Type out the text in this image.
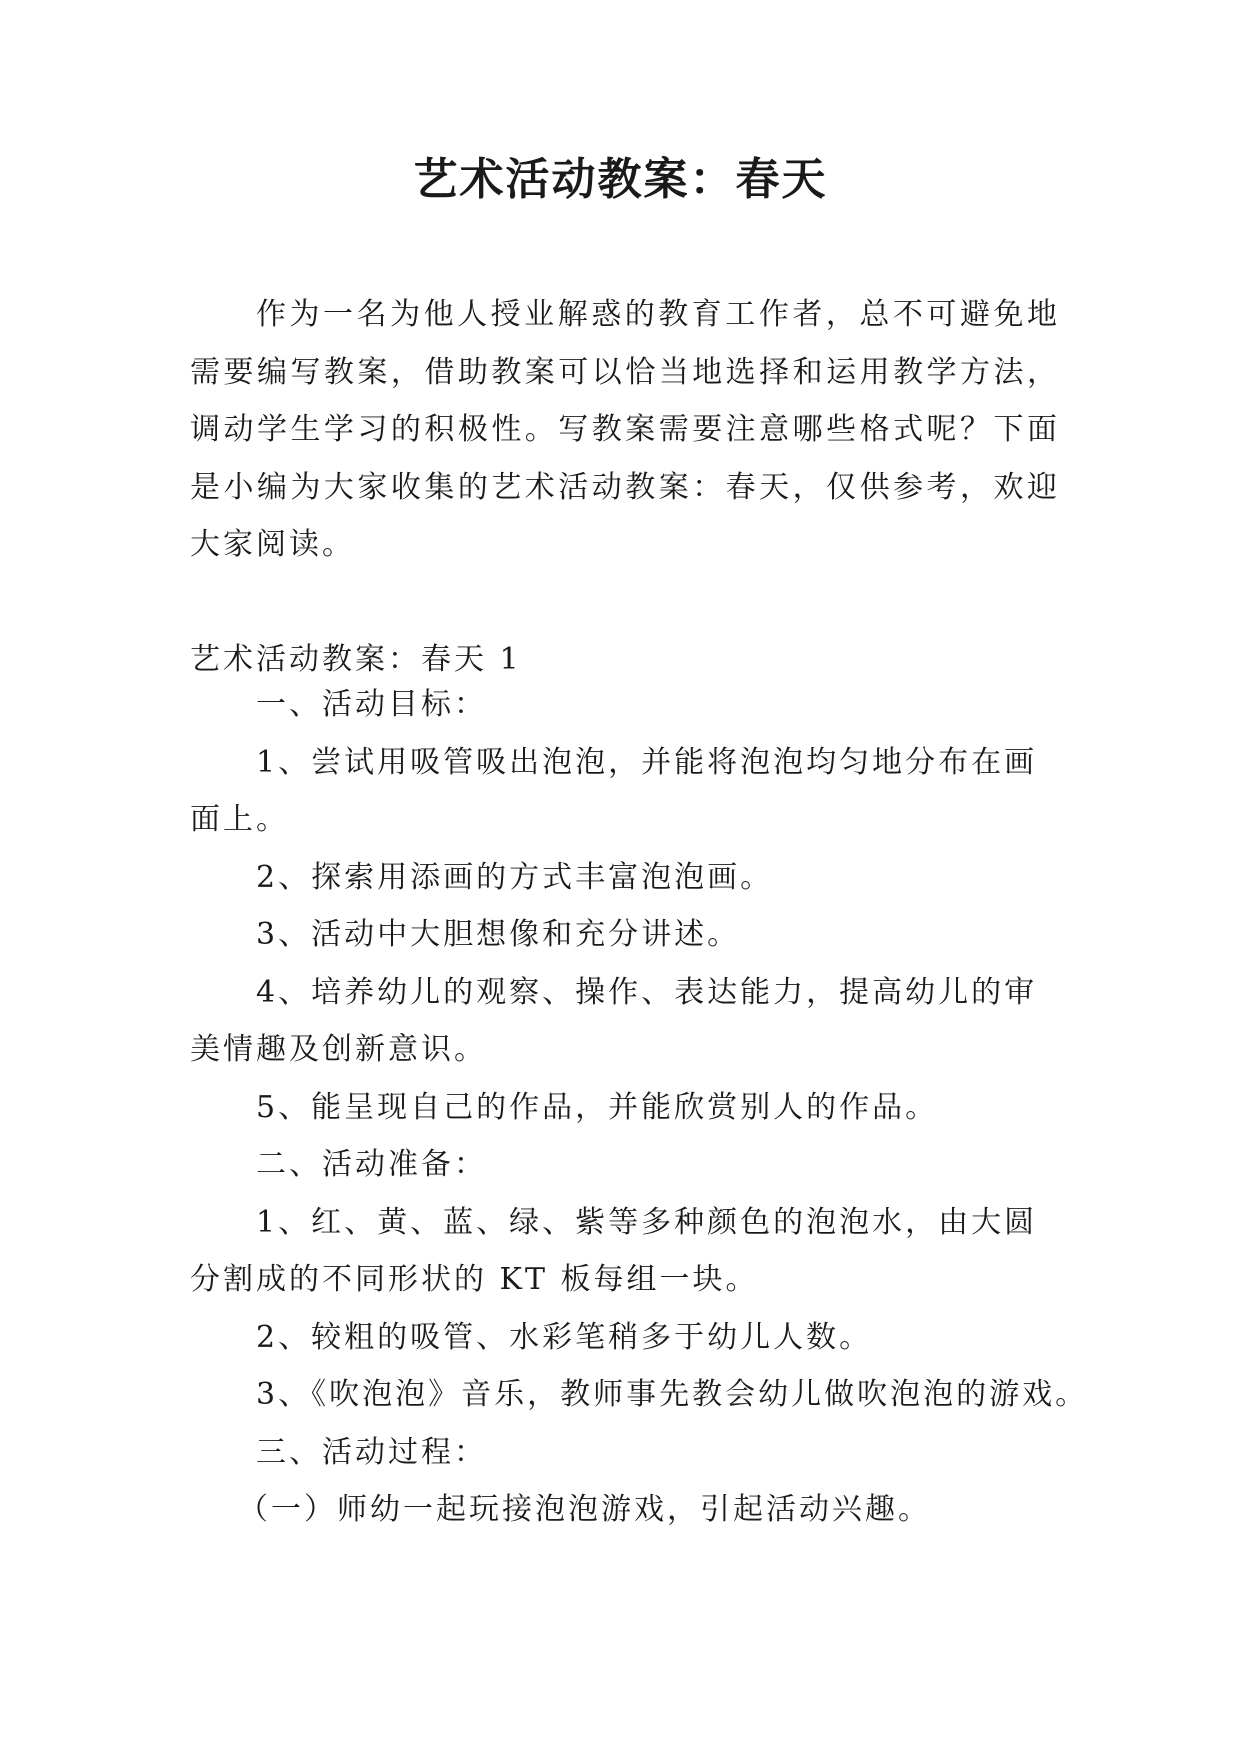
艺术活动教案：春天
作为一名为他人授业解惑的教育工作者，总不可避免地需要编写教案，借助教案可以恰当地选择和运用教学方法，调动学生学习的积极性。写教案需要注意哪些格式呢？下面是小编为大家收集的艺术活动教案：春天，仅供参考，欢迎大家阅读。
艺术活动教案：春天 1
一、活动目标：
1、尝试用吸管吸出泡泡，并能将泡泡均匀地分布在画面上。
2、探索用添画的方式丰富泡泡画。
3、活动中大胆想像和充分讲述。
4、培养幼儿的观察、操作、表达能力，提高幼儿的审美情趣及创新意识。
5、能呈现自己的作品，并能欣赏别人的作品。
二、活动准备：
1、红、黄、蓝、绿、紫等多种颜色的泡泡水，由大圆分割成的不同形状的 KT 板每组一块。
2、较粗的吸管、水彩笔稍多于幼儿人数。
3、《吹泡泡》音乐，教师事先教会幼儿做吹泡泡的游戏。
三、活动过程：
（一）师幼一起玩接泡泡游戏，引起活动兴趣。
